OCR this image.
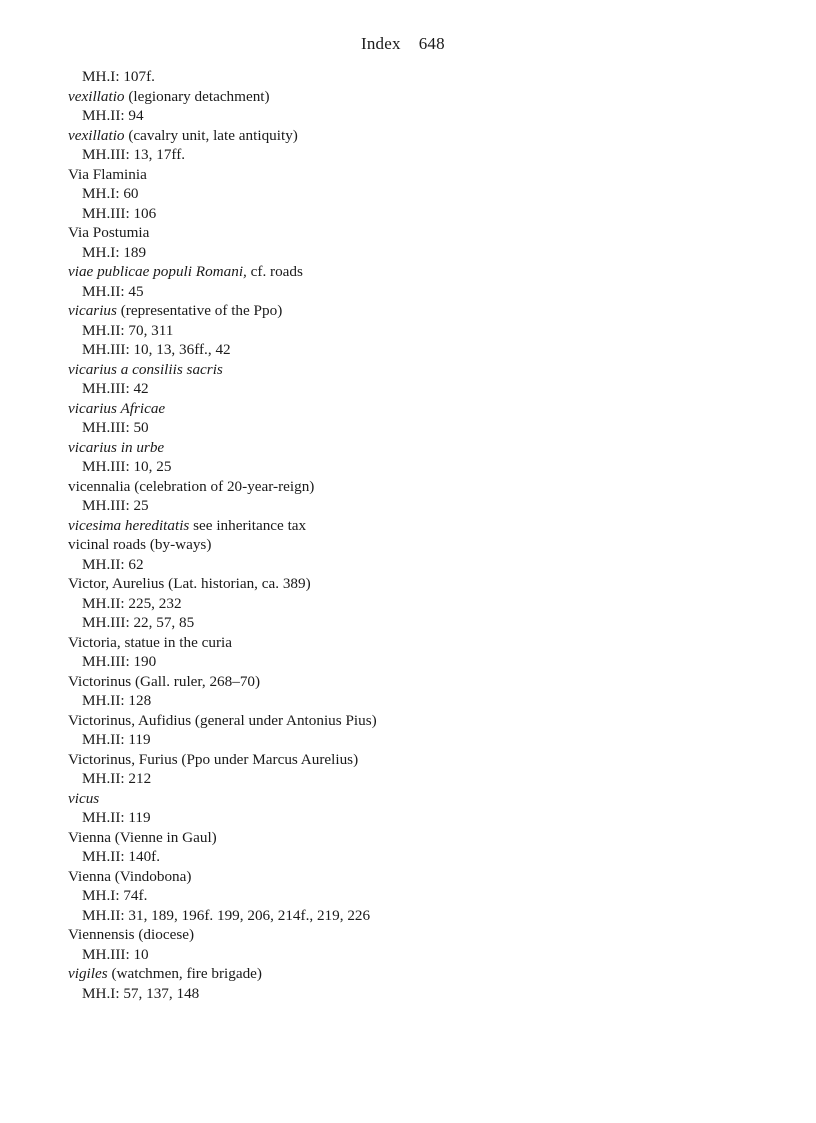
Index 648
MH.I: 107f.
vexillatio (legionary detachment)
MH.II: 94
vexillatio (cavalry unit, late antiquity)
MH.III: 13, 17ff.
Via Flaminia
MH.I: 60
MH.III: 106
Via Postumia
MH.I: 189
viae publicae populi Romani, cf. roads
MH.II: 45
vicarius (representative of the Ppo)
MH.II: 70, 311
MH.III: 10, 13, 36ff., 42
vicarius a consiliis sacris
MH.III: 42
vicarius Africae
MH.III: 50
vicarius in urbe
MH.III: 10, 25
vicennalia (celebration of 20-year-reign)
MH.III: 25
vicesima hereditatis see inheritance tax
vicinal roads (by-ways)
MH.II: 62
Victor, Aurelius (Lat. historian, ca. 389)
MH.II: 225, 232
MH.III: 22, 57, 85
Victoria, statue in the curia
MH.III: 190
Victorinus (Gall. ruler, 268–70)
MH.II: 128
Victorinus, Aufidius (general under Antonius Pius)
MH.II: 119
Victorinus, Furius (Ppo under Marcus Aurelius)
MH.II: 212
vicus
MH.II: 119
Vienna (Vienne in Gaul)
MH.II: 140f.
Vienna (Vindobona)
MH.I: 74f.
MH.II: 31, 189, 196f. 199, 206, 214f., 219, 226
Viennensis (diocese)
MH.III: 10
vigiles (watchmen, fire brigade)
MH.I: 57, 137, 148
